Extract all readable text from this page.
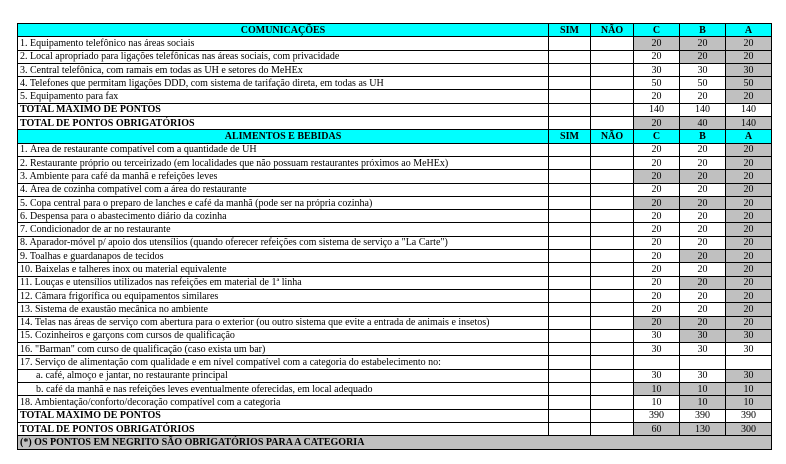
COMUNICAÇÕES	SIM	NÃO	C	B	A
1. Equipamento telefônico nas áreas sociais			20	20	20
2. Local apropriado para ligações telefônicas nas áreas sociais, com privacidade			20	20	20
3. Central telefônica, com ramais em todas as UH e setores do MeHEx			30	30	30
4. Telefones que permitam ligações DDD, com sistema de tarifação direta, em todas as UH			50	50	50
5. Equipamento para fax			20	20	20
TOTAL MÁXIMO DE PONTOS			140	140	140
TOTAL DE PONTOS OBRIGATÓRIOS			20	40	140
ALIMENTOS E BEBIDAS	SIM	NÃO	C	B	A
1. Área de restaurante compatível com a quantidade de UH			20	20	20
2. Restaurante próprio ou terceirizado (em localidades que não possuam restaurantes próximos ao MeHEx)			20	20	20
3. Ambiente para café da manhã e refeições leves			20	20	20
4. Área de cozinha compatível com a área do restaurante			20	20	20
5. Copa central para o preparo de lanches e café da manhã (pode ser na própria cozinha)			20	20	20
6. Despensa para o abastecimento diário da cozinha			20	20	20
7. Condicionador de ar no restaurante			20	20	20
8. Aparador-móvel p/ apoio dos utensílios (quando oferecer refeições com sistema de serviço a "La Carte")			20	20	20
9. Toalhas e guardanapos de tecidos			20	20	20
10. Baixelas e talheres inox ou material equivalente			20	20	20
11. Louças e utensílios utilizados nas refeições em material de 1ª linha			20	20	20
12. Câmara frigorífica ou equipamentos similares			20	20	20
13. Sistema de exaustão mecânica no ambiente			20	20	20
14. Telas nas áreas de serviço com abertura para o exterior (ou outro sistema que evite a entrada de animais e insetos)			20	20	20
15. Cozinheiros e garçons com cursos de qualificação			30	30	30
16. "Barman" com curso de qualificação (caso exista um bar)			30	30	30
17. Serviço de alimentação com qualidade e em nível compatível com a categoria do estabelecimento no:					
a. café, almoço e jantar, no restaurante principal			30	30	30
b. café da manhã e nas refeições leves eventualmente oferecidas, em local adequado			10	10	10
18. Ambientação/conforto/decoração compatível com a categoria			10	10	10
TOTAL MÁXIMO DE PONTOS			390	390	390
TOTAL DE PONTOS OBRIGATÓRIOS			60	130	300
(*) OS PONTOS EM NEGRITO SÃO OBRIGATÓRIOS PARA A CATEGORIA					
